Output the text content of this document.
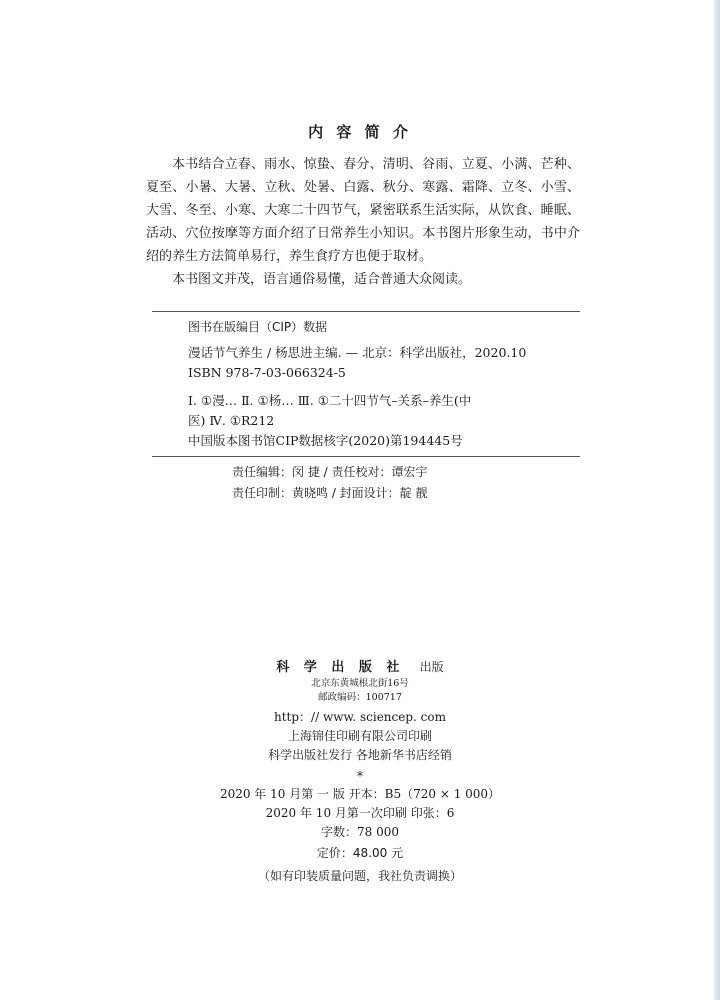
内 容 简 介

本书结合立春、雨水、惊蛰、春分、清明、谷雨、立夏、小满、芒种、夏至、小暑、大暑、立秋、处暑、白露、秋分、寒露、霜降、立冬、小雪、大雪、冬至、小寒、大寒二十四节气，紧密联系生活实际，从饮食、睡眠、活动、穴位按摩等方面介绍了日常养生小知识。本书图片形象生动，书中介绍的养生方法简单易行，养生食疗方也便于取材。

本书图文并茂，语言通俗易懂，适合普通大众阅读。

图书在版编目（CIP）数据
漫话节气养生 / 杨思进主编. — 北京：科学出版社，2020.10
ISBN 978-7-03-066324-5
Ⅰ. ①漫… Ⅱ. ①杨… Ⅲ. ①二十四节气–关系–养生(中
医) Ⅳ. ①R212
中国版本图书馆CIP数据核字(2020)第194445号
责任编辑：闵 捷 / 责任校对：谭宏宇
责任印制：黄晓鸣 / 封面设计：靛 靓
科 学 出 版 社 出版
北京东黄城根北街16号
邮政编码：100717
http：// www. sciencep. com
上海锦佳印刷有限公司印刷
科学出版社发行 各地新华书店经销
*
2020 年 10 月第 一 版 开本：B5（720 × 1 000）
2020 年 10 月第一次印刷 印张：6
字数：78 000
定价：48.00 元
（如有印装质量问题，我社负责调换）
